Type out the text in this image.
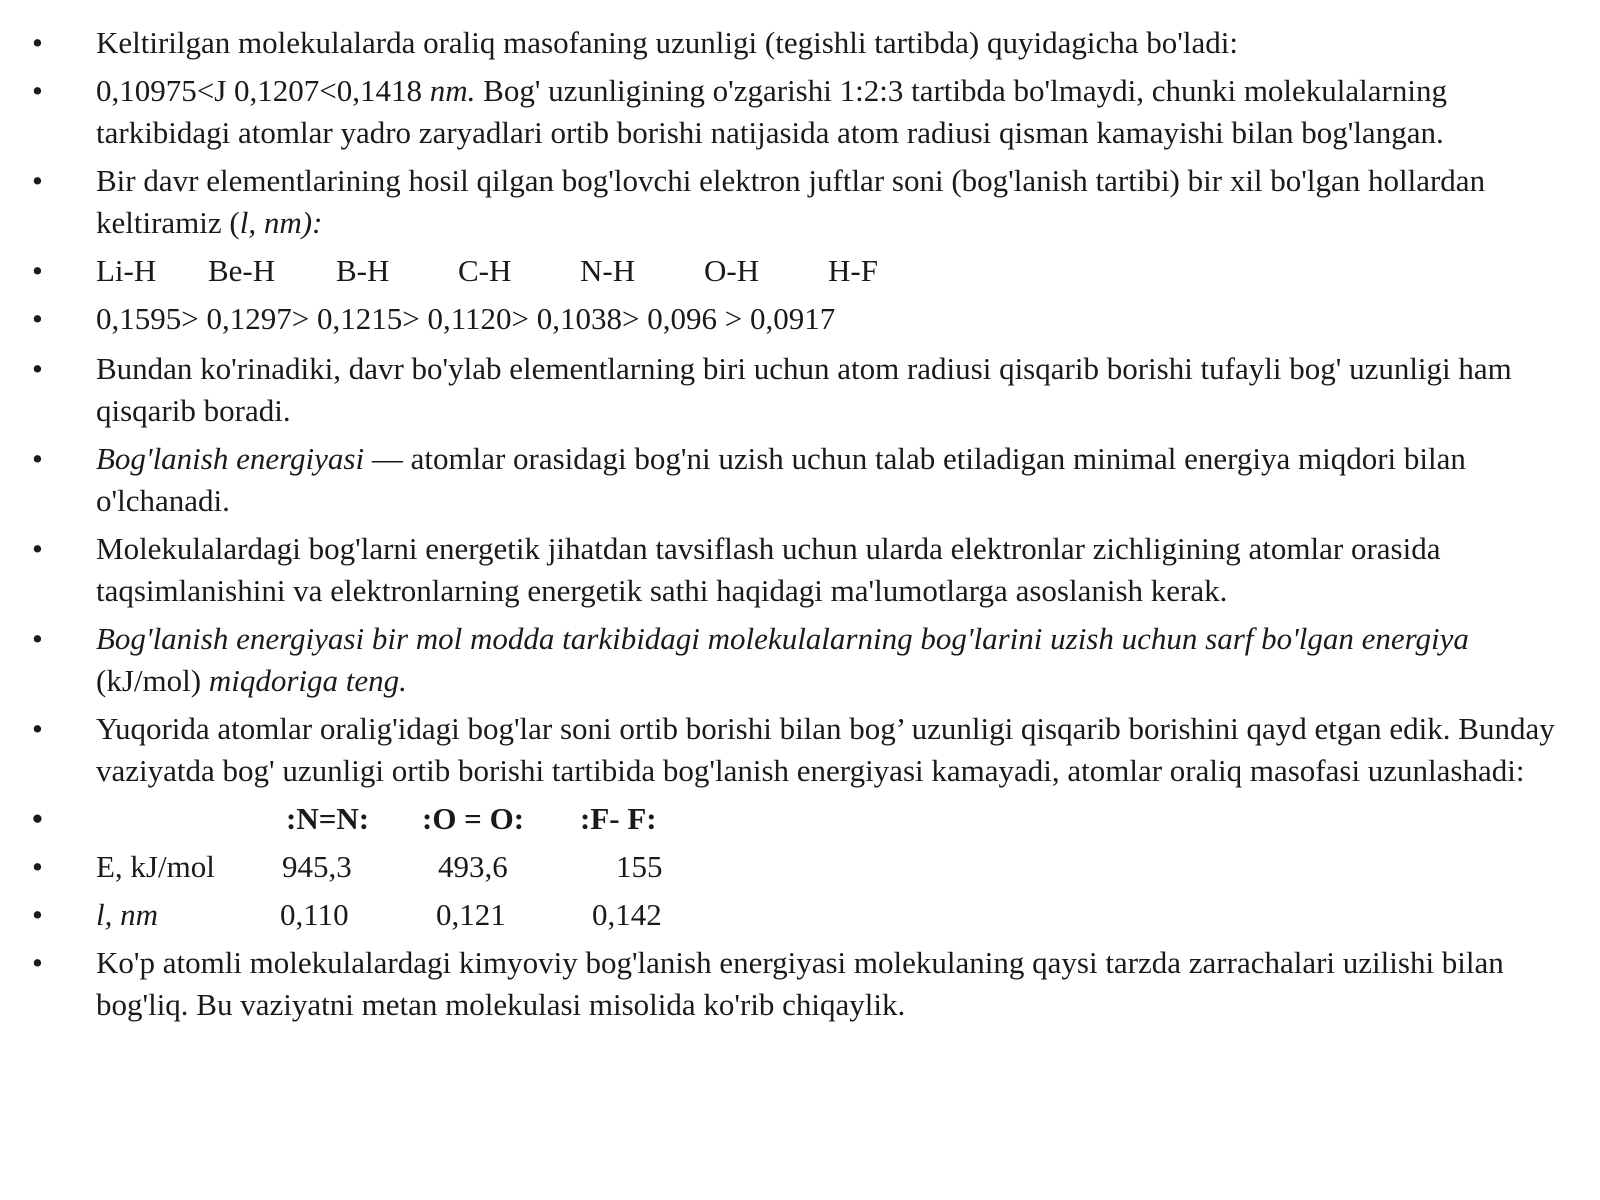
• Keltirilgan molekulalarda oraliq masofaning uzunligi (tegishli tartibda) quyidagicha bo'ladi:
• 0,10975<J 0,1207<0,1418 nm. Bog' uzunligining o'zgarishi 1:2:3 tartibda bo'lmaydi, chunki molekulalarning tarkibidagi atomlar yadro zaryadlari ortib borishi natijasida atom radiusi qisman kamayishi bilan bog'langan.
• Bir davr elementlarining hosil qilgan bog'lovchi elektron juftlar soni (bog'lanish tartibi) bir xil bo'lgan hollardan keltiramiz (l, nm):
• Li-H Be-H B-H C-H N-H O-H H-F
• 0,1595> 0,1297> 0,1215> 0,1120> 0,1038> 0,096 > 0,0917
• Bundan ko'rinadiki, davr bo'ylab elementlarning biri uchun atom radiusi qisqarib borishi tufayli bog' uzunligi ham qisqarib boradi.
• Bog'lanish energiyasi — atomlar orasidagi bog'ni uzish uchun talab etiladigan minimal energiya miqdori bilan o'lchanadi.
• Molekulalardagi bog'larni energetik jihatdan tavsiflash uchun ularda elektronlar zichligining atomlar orasida taqsimlanishini va elektronlarning energetik sathi haqidagi ma'lumotlarga asoslanish kerak.
• Bog'lanish energiyasi bir mol modda tarkibidagi molekulalarning bog'larini uzish uchun sarf bo'lgan energiya (kJ/mol) miqdoriga teng.
• Yuqorida atomlar oralig'idagi bog'lar soni ortib borishi bilan bog’ uzunligi qisqarib borishini qayd etgan edik. Bunday vaziyatda bog' uzunligi ortib borishi tartibida bog'lanish energiyasi kamayadi, atomlar oraliq masofasi uzunlashadi:
• :N=N: :O = O: :F- F:
• E, kJ/mol 945,3	493,6	155
• l, nm	0,110	0,121	0,142
• Ko'p atomli molekulalardagi kimyoviy bog'lanish energiyasi molekulaning qaysi tarzda zarrachalari uzilishi bilan bog'liq. Bu vaziyatni metan molekulasi misolida ko'rib chiqaylik.
